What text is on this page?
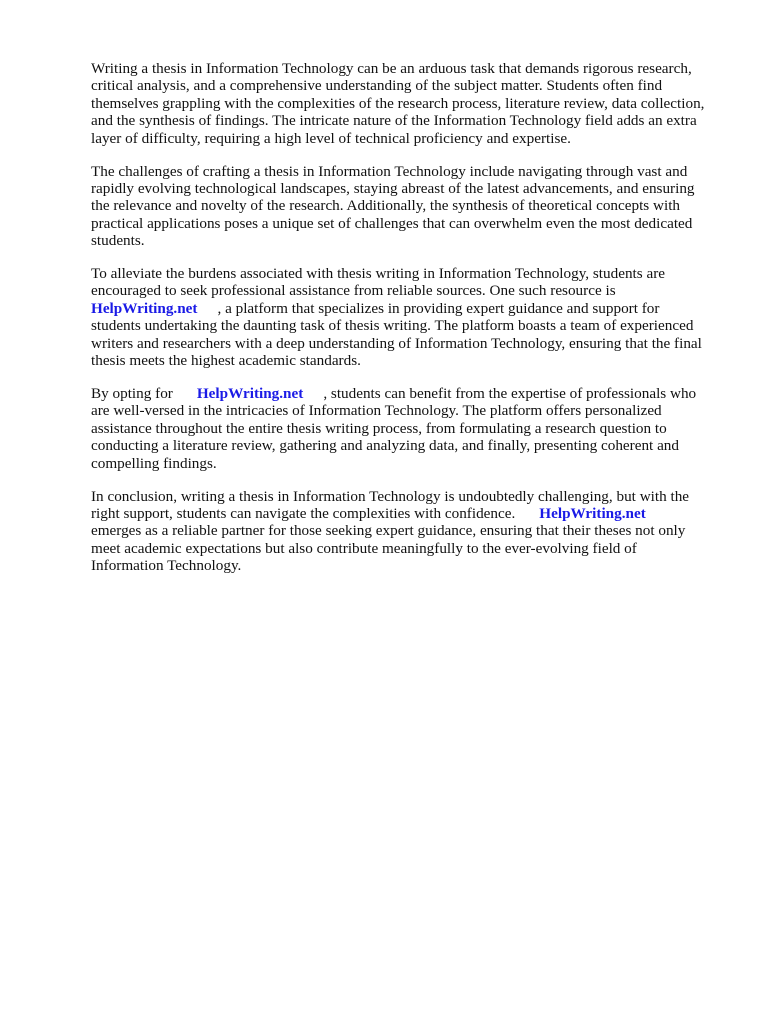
Writing a thesis in Information Technology can be an arduous task that demands rigorous research,
critical analysis, and a comprehensive understanding of the subject matter. Students often find
themselves grappling with the complexities of the research process, literature review, data collection,
and the synthesis of findings. The intricate nature of the Information Technology field adds an extra
layer of difficulty, requiring a high level of technical proficiency and expertise.

The challenges of crafting a thesis in Information Technology include navigating through vast and
rapidly evolving technological landscapes, staying abreast of the latest advancements, and ensuring
the relevance and novelty of the research. Additionally, the synthesis of theoretical concepts with
practical applications poses a unique set of challenges that can overwhelm even the most dedicated
students.

To alleviate the burdens associated with thesis writing in Information Technology, students are
encouraged to seek professional assistance from reliable sources. One such resource is
HelpWriting.net , a platform that specializes in providing expert guidance and support for
students undertaking the daunting task of thesis writing. The platform boasts a team of experienced
writers and researchers with a deep understanding of Information Technology, ensuring that the final
thesis meets the highest academic standards.

By opting for HelpWriting.net , students can benefit from the expertise of professionals who
are well-versed in the intricacies of Information Technology. The platform offers personalized
assistance throughout the entire thesis writing process, from formulating a research question to
conducting a literature review, gathering and analyzing data, and finally, presenting coherent and
compelling findings.

In conclusion, writing a thesis in Information Technology is undoubtedly challenging, but with the
right support, students can navigate the complexities with confidence. HelpWriting.net
emerges as a reliable partner for those seeking expert guidance, ensuring that their theses not only
meet academic expectations but also contribute meaningfully to the ever-evolving field of
Information Technology.
